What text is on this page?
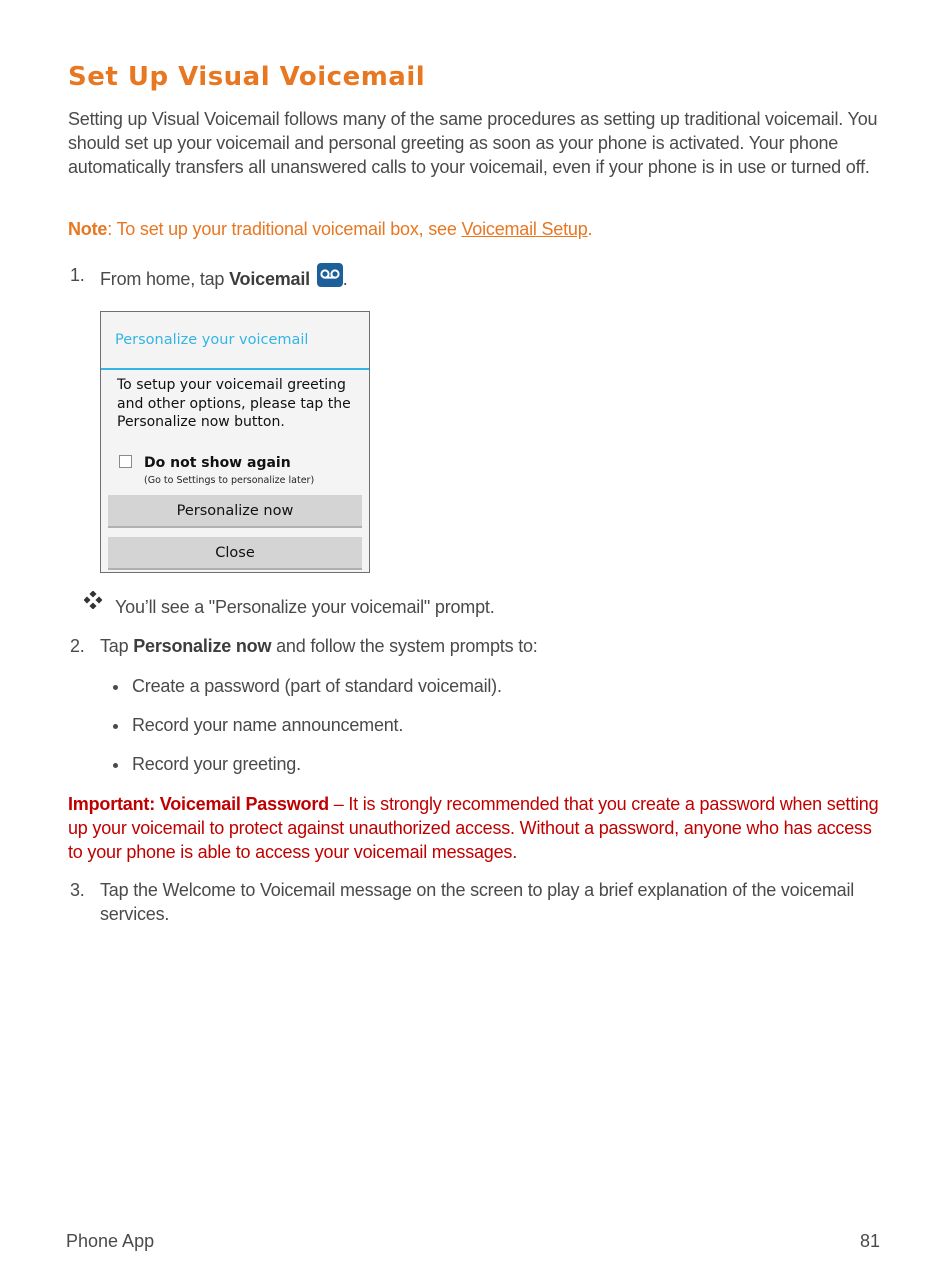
Set Up Visual Voicemail

Setting up Visual Voicemail follows many of the same procedures as setting up traditional voicemail. You should set up your voicemail and personal greeting as soon as your phone is activated. Your phone automatically transfers all unanswered calls to your voicemail, even if your phone is in use or turned off.

Note: To set up your traditional voicemail box, see Voicemail Setup.

1. From home, tap Voicemail .
Personalize your voicemail
To setup your voicemail greeting and other options, please tap the Personalize now button.
Do not show again
(Go to Settings to personalize later)
Personalize now
Close
You’ll see a "Personalize your voicemail" prompt.
2. Tap Personalize now and follow the system prompts to:
Create a password (part of standard voicemail).
Record your name announcement.
Record your greeting.

Important: Voicemail Password – It is strongly recommended that you create a password when setting up your voicemail to protect against unauthorized access. Without a password, anyone who has access to your phone is able to access your voicemail messages.

3. Tap the Welcome to Voicemail message on the screen to play a brief explanation of the voicemail services.
Phone App	81
